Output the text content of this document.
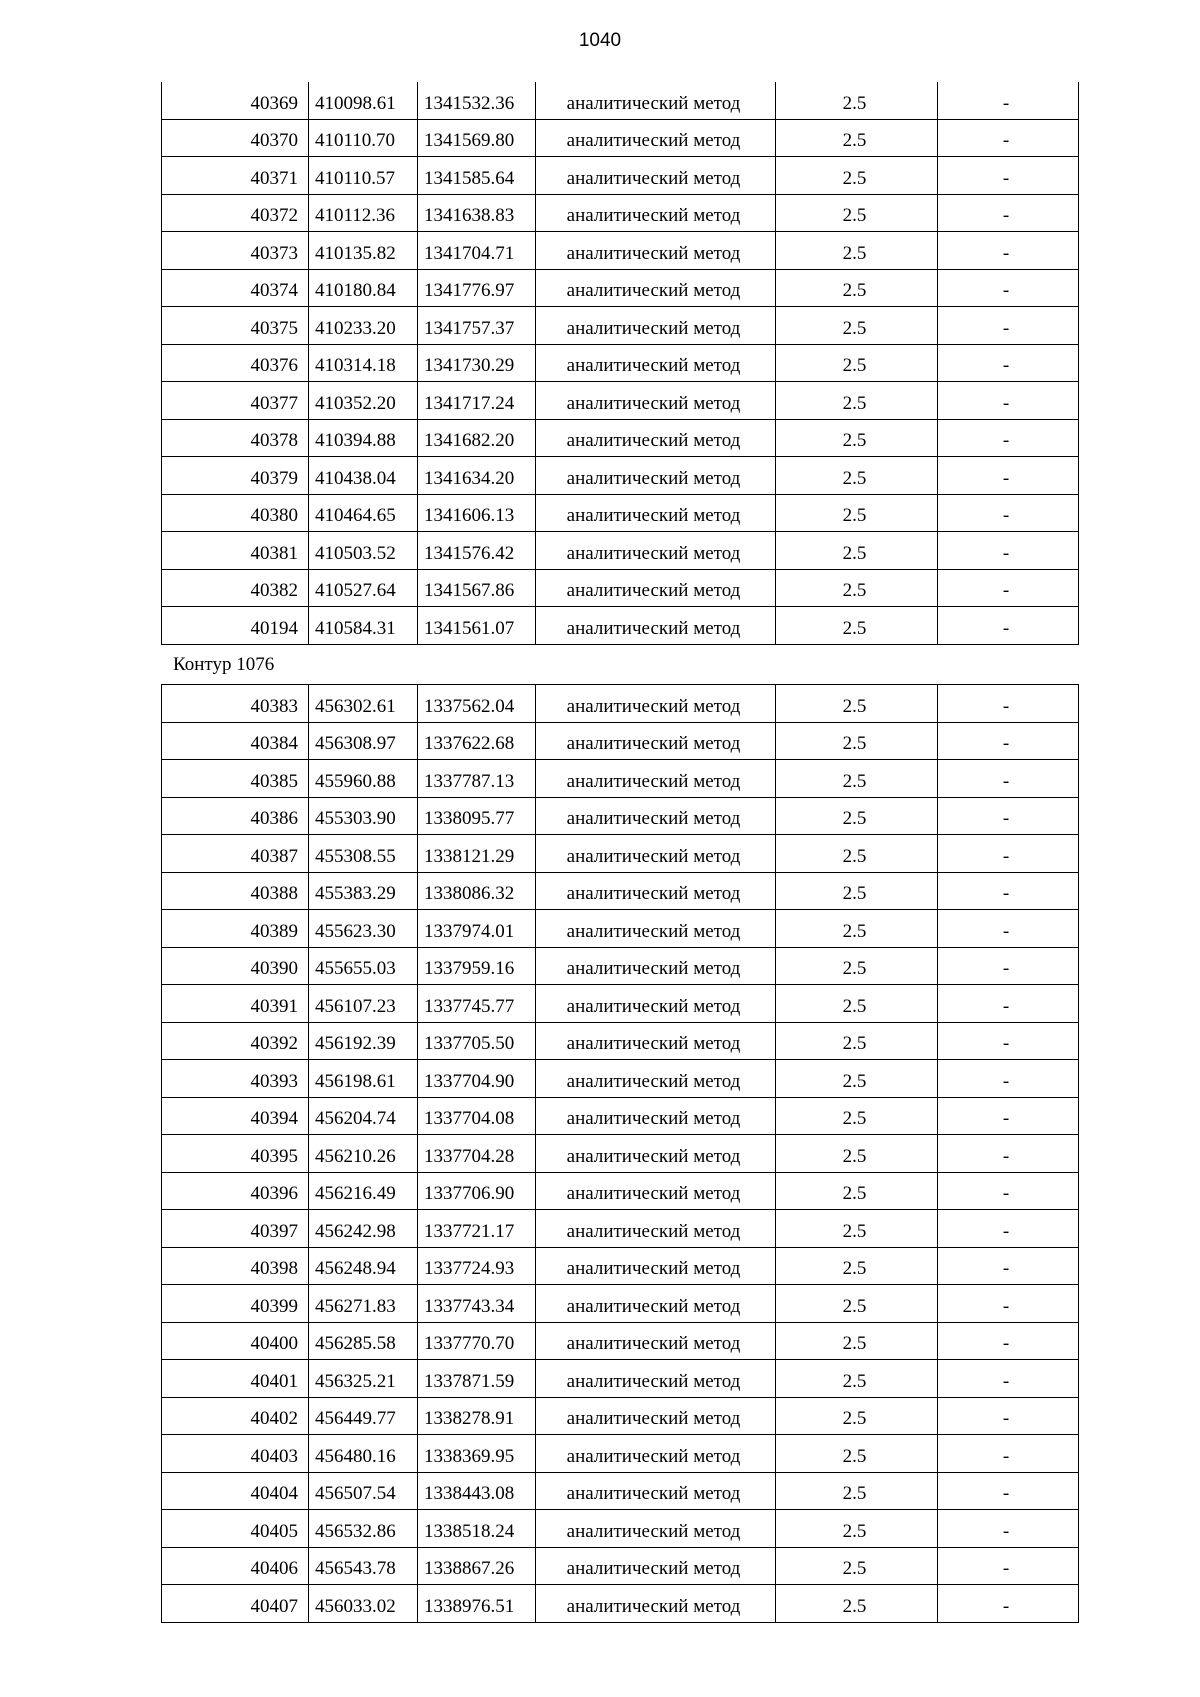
1040
40369	410098.61	1341532.36	аналитический метод	2.5	-
40370	410110.70	1341569.80	аналитический метод	2.5	-
40371	410110.57	1341585.64	аналитический метод	2.5	-
40372	410112.36	1341638.83	аналитический метод	2.5	-
40373	410135.82	1341704.71	аналитический метод	2.5	-
40374	410180.84	1341776.97	аналитический метод	2.5	-
40375	410233.20	1341757.37	аналитический метод	2.5	-
40376	410314.18	1341730.29	аналитический метод	2.5	-
40377	410352.20	1341717.24	аналитический метод	2.5	-
40378	410394.88	1341682.20	аналитический метод	2.5	-
40379	410438.04	1341634.20	аналитический метод	2.5	-
40380	410464.65	1341606.13	аналитический метод	2.5	-
40381	410503.52	1341576.42	аналитический метод	2.5	-
40382	410527.64	1341567.86	аналитический метод	2.5	-
40194	410584.31	1341561.07	аналитический метод	2.5	-
Контур 1076
40383	456302.61	1337562.04	аналитический метод	2.5	-
40384	456308.97	1337622.68	аналитический метод	2.5	-
40385	455960.88	1337787.13	аналитический метод	2.5	-
40386	455303.90	1338095.77	аналитический метод	2.5	-
40387	455308.55	1338121.29	аналитический метод	2.5	-
40388	455383.29	1338086.32	аналитический метод	2.5	-
40389	455623.30	1337974.01	аналитический метод	2.5	-
40390	455655.03	1337959.16	аналитический метод	2.5	-
40391	456107.23	1337745.77	аналитический метод	2.5	-
40392	456192.39	1337705.50	аналитический метод	2.5	-
40393	456198.61	1337704.90	аналитический метод	2.5	-
40394	456204.74	1337704.08	аналитический метод	2.5	-
40395	456210.26	1337704.28	аналитический метод	2.5	-
40396	456216.49	1337706.90	аналитический метод	2.5	-
40397	456242.98	1337721.17	аналитический метод	2.5	-
40398	456248.94	1337724.93	аналитический метод	2.5	-
40399	456271.83	1337743.34	аналитический метод	2.5	-
40400	456285.58	1337770.70	аналитический метод	2.5	-
40401	456325.21	1337871.59	аналитический метод	2.5	-
40402	456449.77	1338278.91	аналитический метод	2.5	-
40403	456480.16	1338369.95	аналитический метод	2.5	-
40404	456507.54	1338443.08	аналитический метод	2.5	-
40405	456532.86	1338518.24	аналитический метод	2.5	-
40406	456543.78	1338867.26	аналитический метод	2.5	-
40407	456033.02	1338976.51	аналитический метод	2.5	-
